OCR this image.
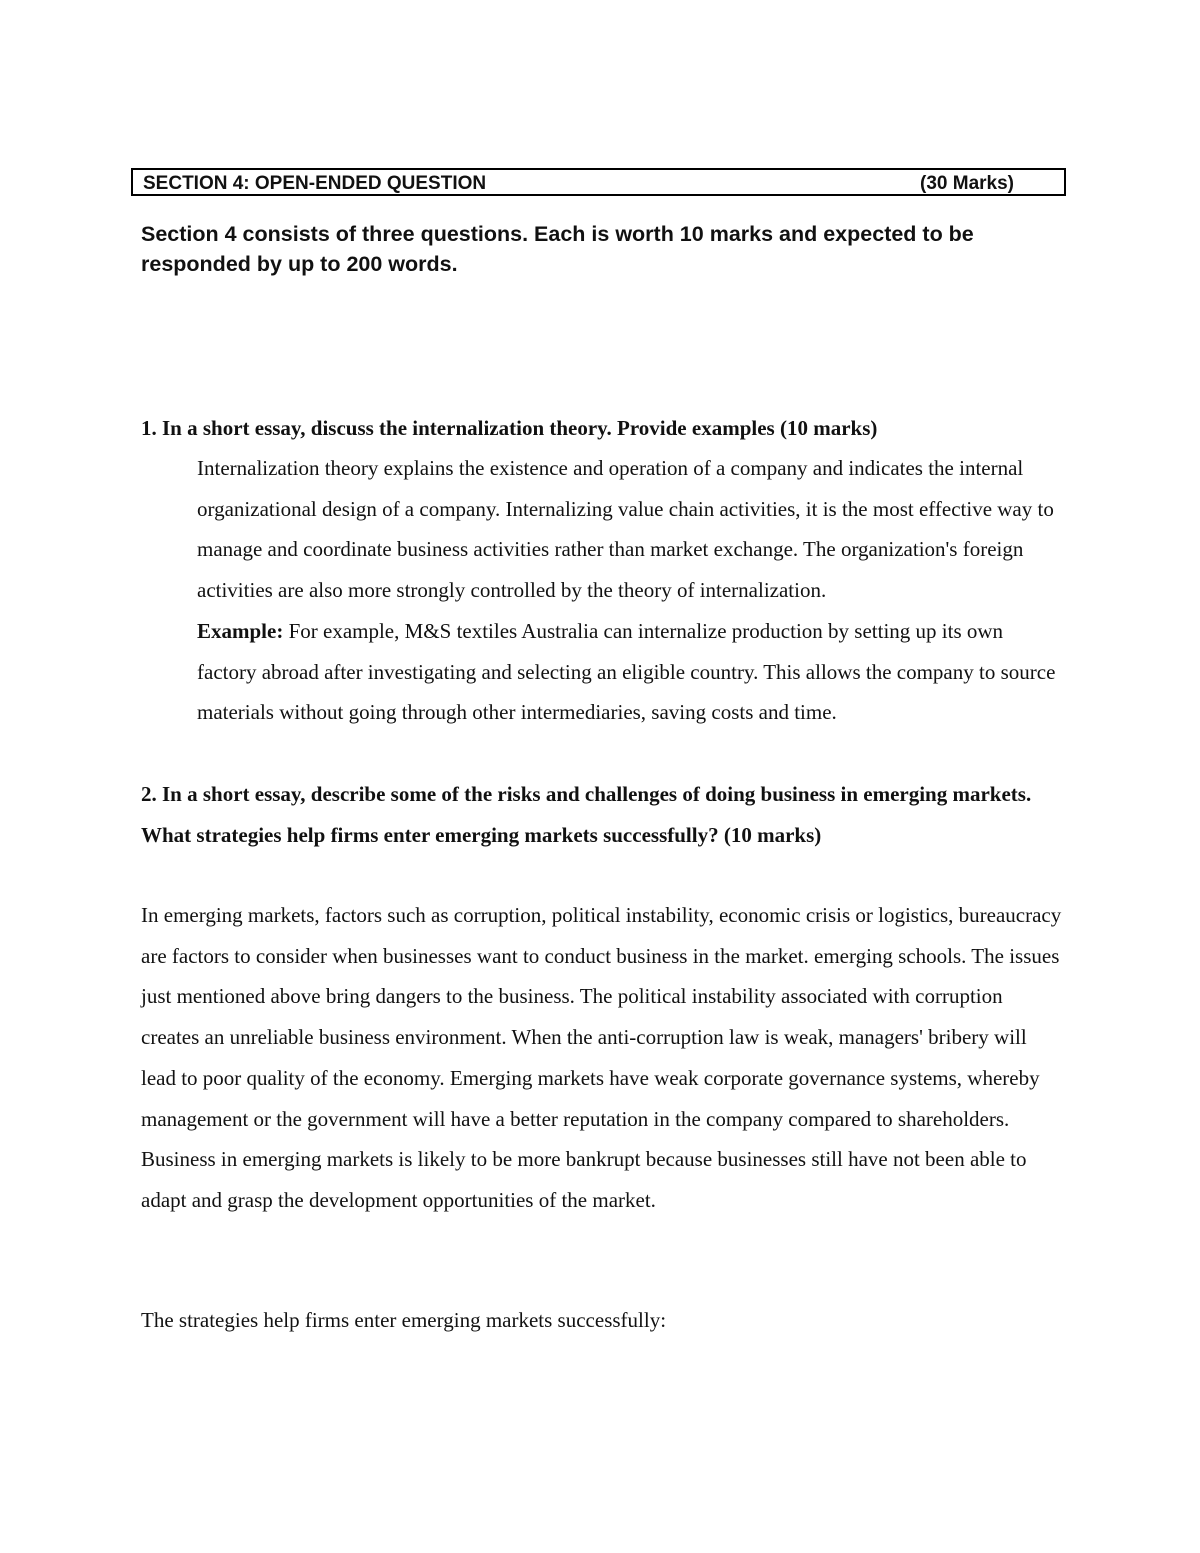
SECTION 4: OPEN-ENDED QUESTION	(30 Marks)

Section 4 consists of three questions. Each is worth 10 marks and expected to be responded by up to 200 words.

1. In a short essay, discuss the internalization theory. Provide examples (10 marks)

Internalization theory explains the existence and operation of a company and indicates the internal organizational design of a company. Internalizing value chain activities, it is the most effective way to manage and coordinate business activities rather than market exchange. The organization's foreign activities are also more strongly controlled by the theory of internalization.

Example: For example, M&S textiles Australia can internalize production by setting up its own factory abroad after investigating and selecting an eligible country. This allows the company to source materials without going through other intermediaries, saving costs and time.

2. In a short essay, describe some of the risks and challenges of doing business in emerging markets. What strategies help firms enter emerging markets successfully? (10 marks)

In emerging markets, factors such as corruption, political instability, economic crisis or logistics, bureaucracy are factors to consider when businesses want to conduct business in the market. emerging schools. The issues just mentioned above bring dangers to the business. The political instability associated with corruption creates an unreliable business environment. When the anti-corruption law is weak, managers' bribery will lead to poor quality of the economy. Emerging markets have weak corporate governance systems, whereby management or the government will have a better reputation in the company compared to shareholders. Business in emerging markets is likely to be more bankrupt because businesses still have not been able to adapt and grasp the development opportunities of the market.

The strategies help firms enter emerging markets successfully:
